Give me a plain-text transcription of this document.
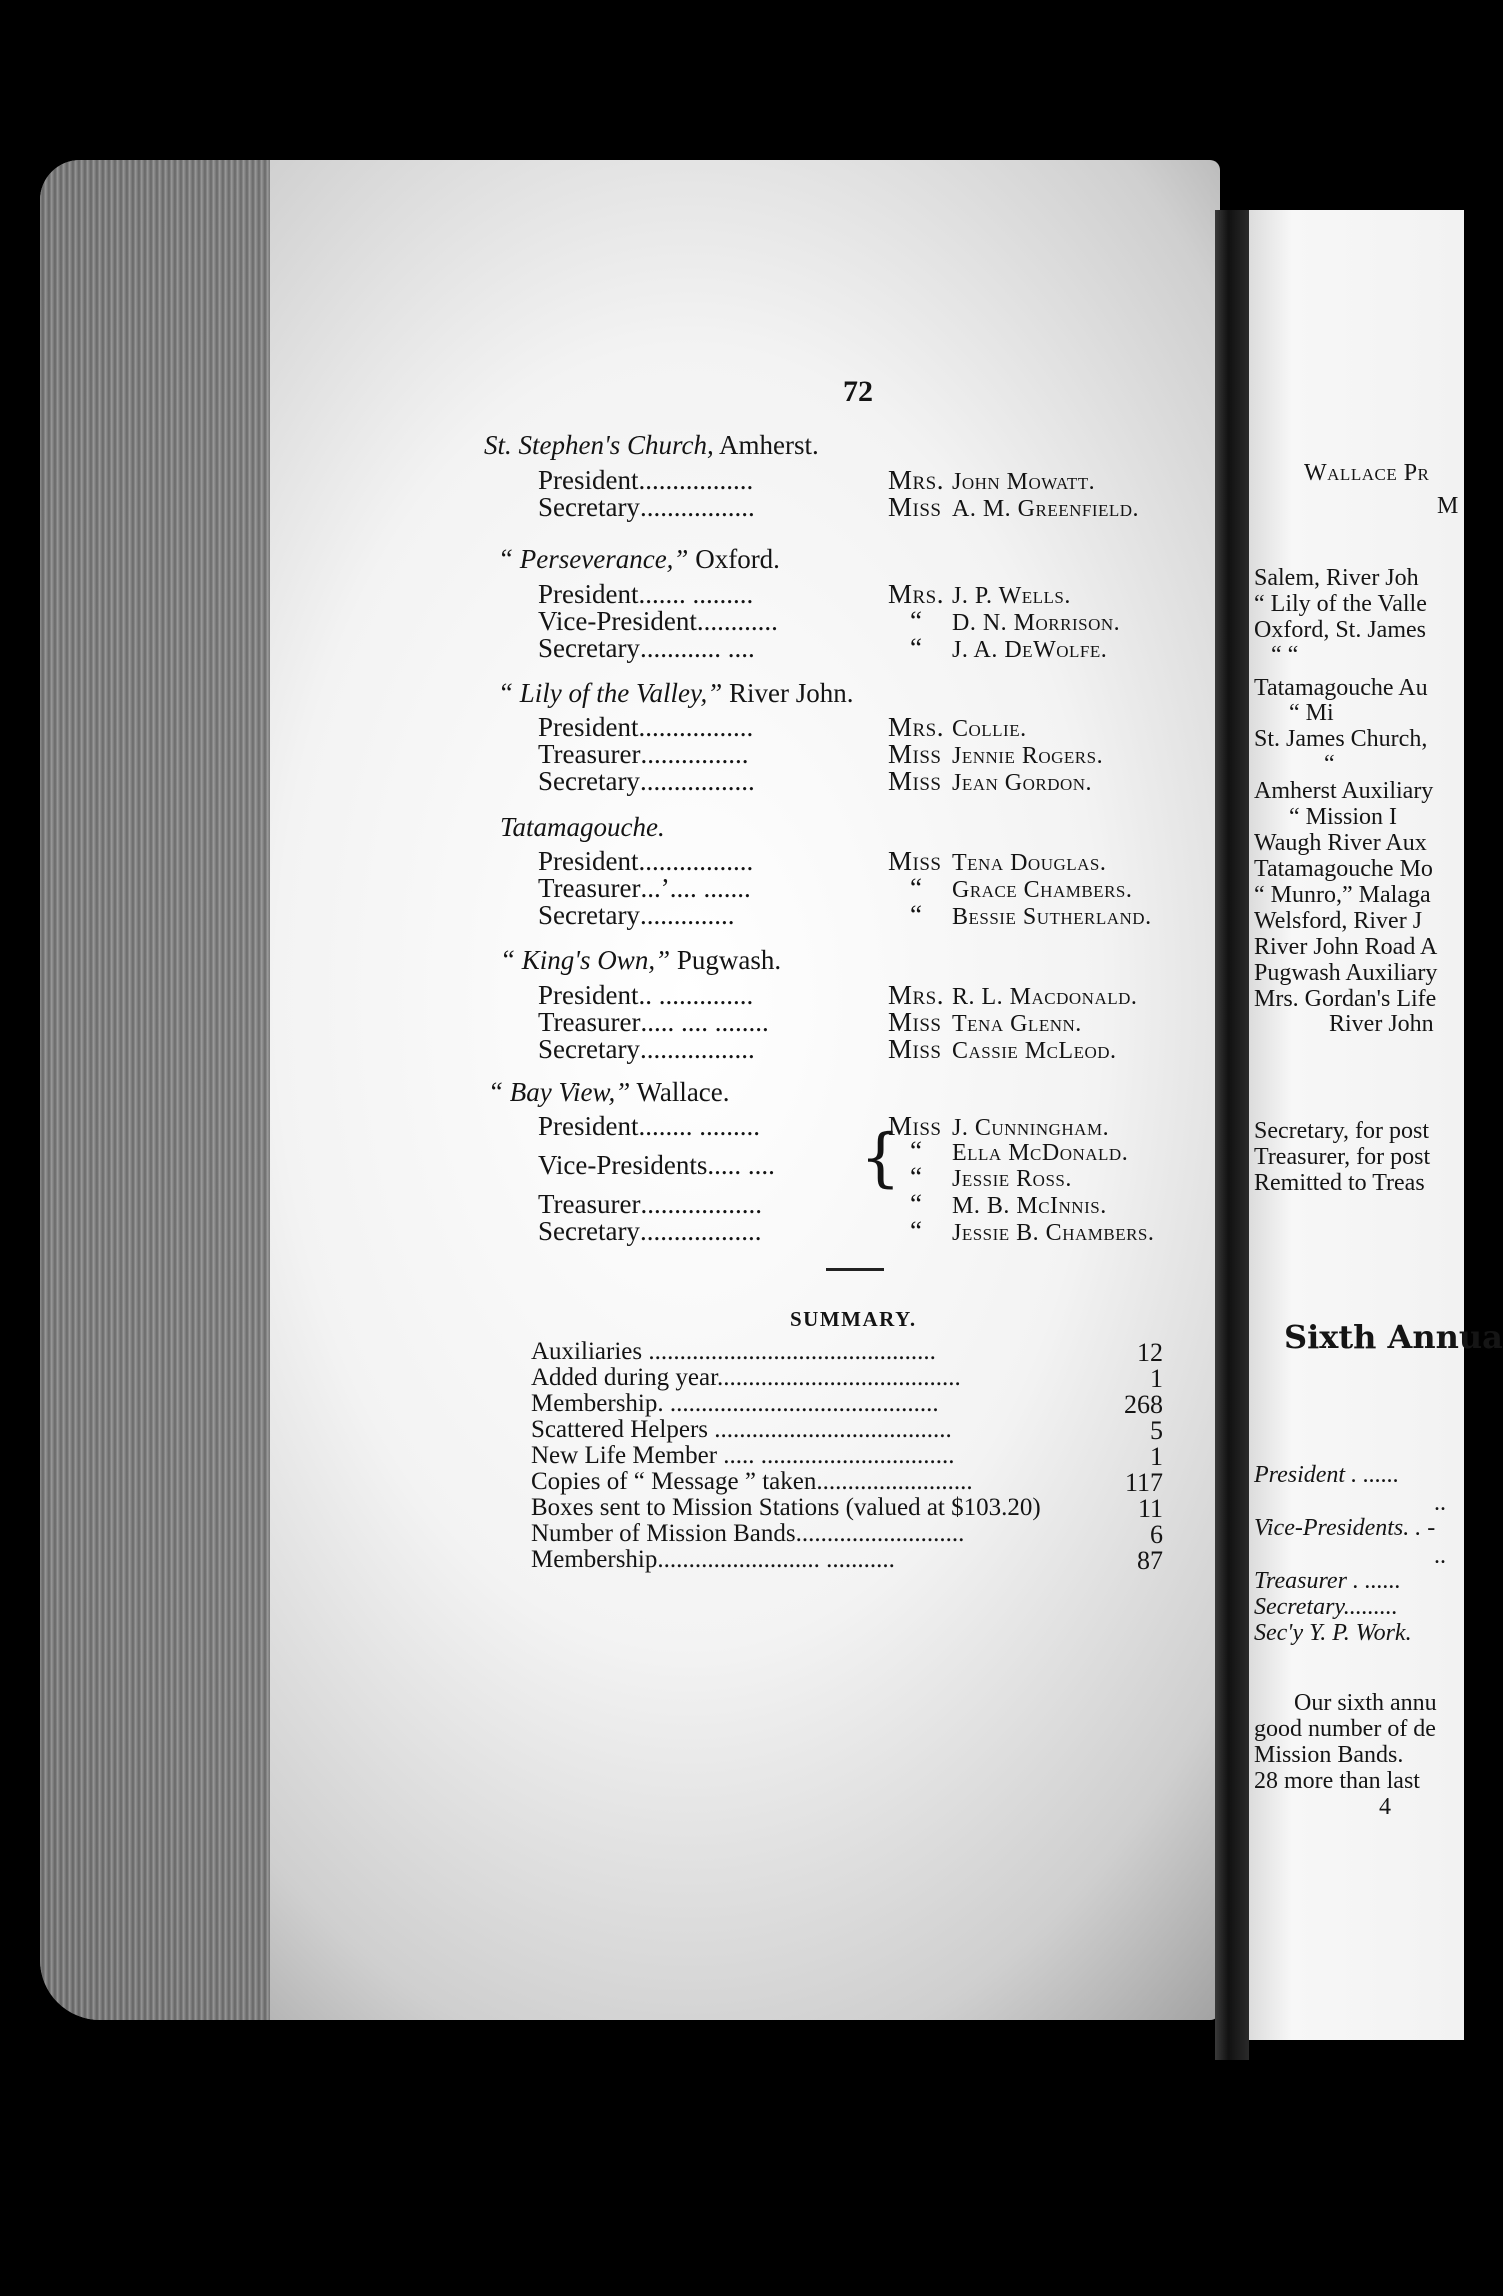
Wallace Pr
M
Salem, River Joh
“ Lily of the Valle
Oxford, St. James
“ “
Tatamagouche Au
“ Mi
St. James Church,
“
Amherst Auxiliary
“ Mission I
Waugh River Aux
Tatamagouche Mo
“ Munro,” Malaga
Welsford, River J
River John Road A
Pugwash Auxiliary
Mrs. Gordan's Life
River John
Secretary, for post
Treasurer, for post
Remitted to Treas
Sixth Annua
President . ......
..
Vice-Presidents. . -
..
Treasurer . ......
Secretary.........
Sec'y Y. P. Work.
Our sixth annu
good number of de
Mission Bands.
28 more than last
4
72
St. Stephen's Church, Amherst.
President.................	Mrs. John Mowatt.
Secretary.................	Miss A. M. Greenfield.
“ Perseverance,” Oxford.
President....... .........	Mrs. J. P. Wells.
Vice-President............	“ D. N. Morrison.
Secretary............ ....	“ J. A. DeWolfe.
“ Lily of the Valley,” River John.
President.................	Mrs. Collie.
Treasurer................	Miss Jennie Rogers.
Secretary.................	Miss Jean Gordon.
Tatamagouche.
President.................	Miss Tena Douglas.
Treasurer...’.... .......	“ Grace Chambers.
Secretary..............	“ Bessie Sutherland.
“ King's Own,” Pugwash.
President.. ..............	Mrs. R. L. Macdonald.
Treasurer..... .... ........	Miss Tena Glenn.
Secretary.................	Miss Cassie McLeod.
“ Bay View,” Wallace.
President........ .........	Miss J. Cunningham.
Vice-Presidents..... .... { “ Ella McDonald.
“ Jessie Ross.
Treasurer..................	“ M. B. McInnis.
Secretary..................	“ Jessie B. Chambers.
SUMMARY.
Auxiliaries ..............................................	12
Added during year.......................................	1
Membership. ...........................................	268
Scattered Helpers ......................................	5
New Life Member ..... ...............................	1
Copies of “ Message ” taken.........................	117
Boxes sent to Mission Stations (valued at $103.20)	11
Number of Mission Bands...........................	6
Membership.......................... ...........	87
